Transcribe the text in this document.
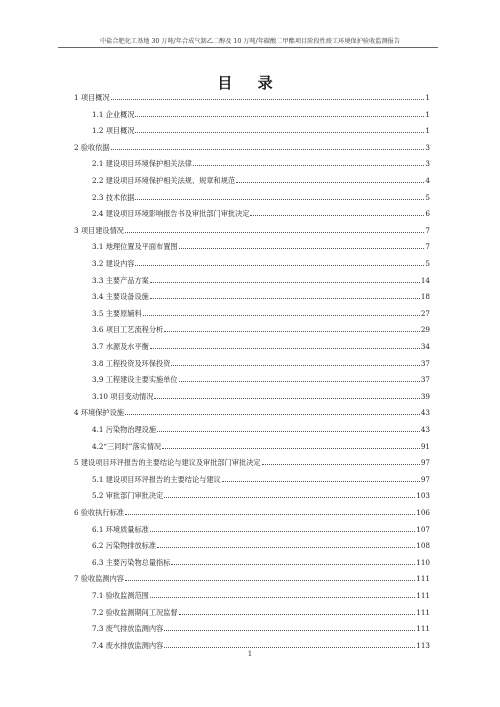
中盐合肥化工基地 30 万吨/年合成气制乙二醇及 10 万吨/年碳酸二甲酯项目阶段性竣工环境保护验收监测报告
目 录
1 项目概况	1
1.1 企业概况	1
1.2 项目概况	1
2 验收依据	3
2.1 建设项目环境保护相关法律	3
2.2 建设项目环境保护相关法规、规章和规范	4
2.3 技术依据	5
2.4 建设项目环境影响报告书及审批部门审批决定	6
3 项目建设情况	7
3.1 地理位置及平面布置图	7
3.2 建设内容	5
3.3 主要产品方案	14
3.4 主要设备设施	18
3.5 主要原辅料	27
3.6 项目工艺流程分析	29
3.7 水源及水平衡	34
3.8 工程投资及环保投资	37
3.9 工程建设主要实施单位	37
3.10 项目变动情况	39
4 环境保护设施	43
4.1 污染物治理设施	43
4.2“三同时”落实情况	91
5 建设项目环评报告的主要结论与建议及审批部门审批决定	97
5.1 建设项目环评报告的主要结论与建议	97
5.2 审批部门审批决定	103
6 验收执行标准	106
6.1 环境质量标准	107
6.2 污染物排放标准	108
6.3 主要污染物总量指标	110
7 验收监测内容	111
7.1 验收监测范围	111
7.2 验收监测期间工况监督	111
7.3 废气排放监测内容	111
7.4 废水排放监测内容	113
1
